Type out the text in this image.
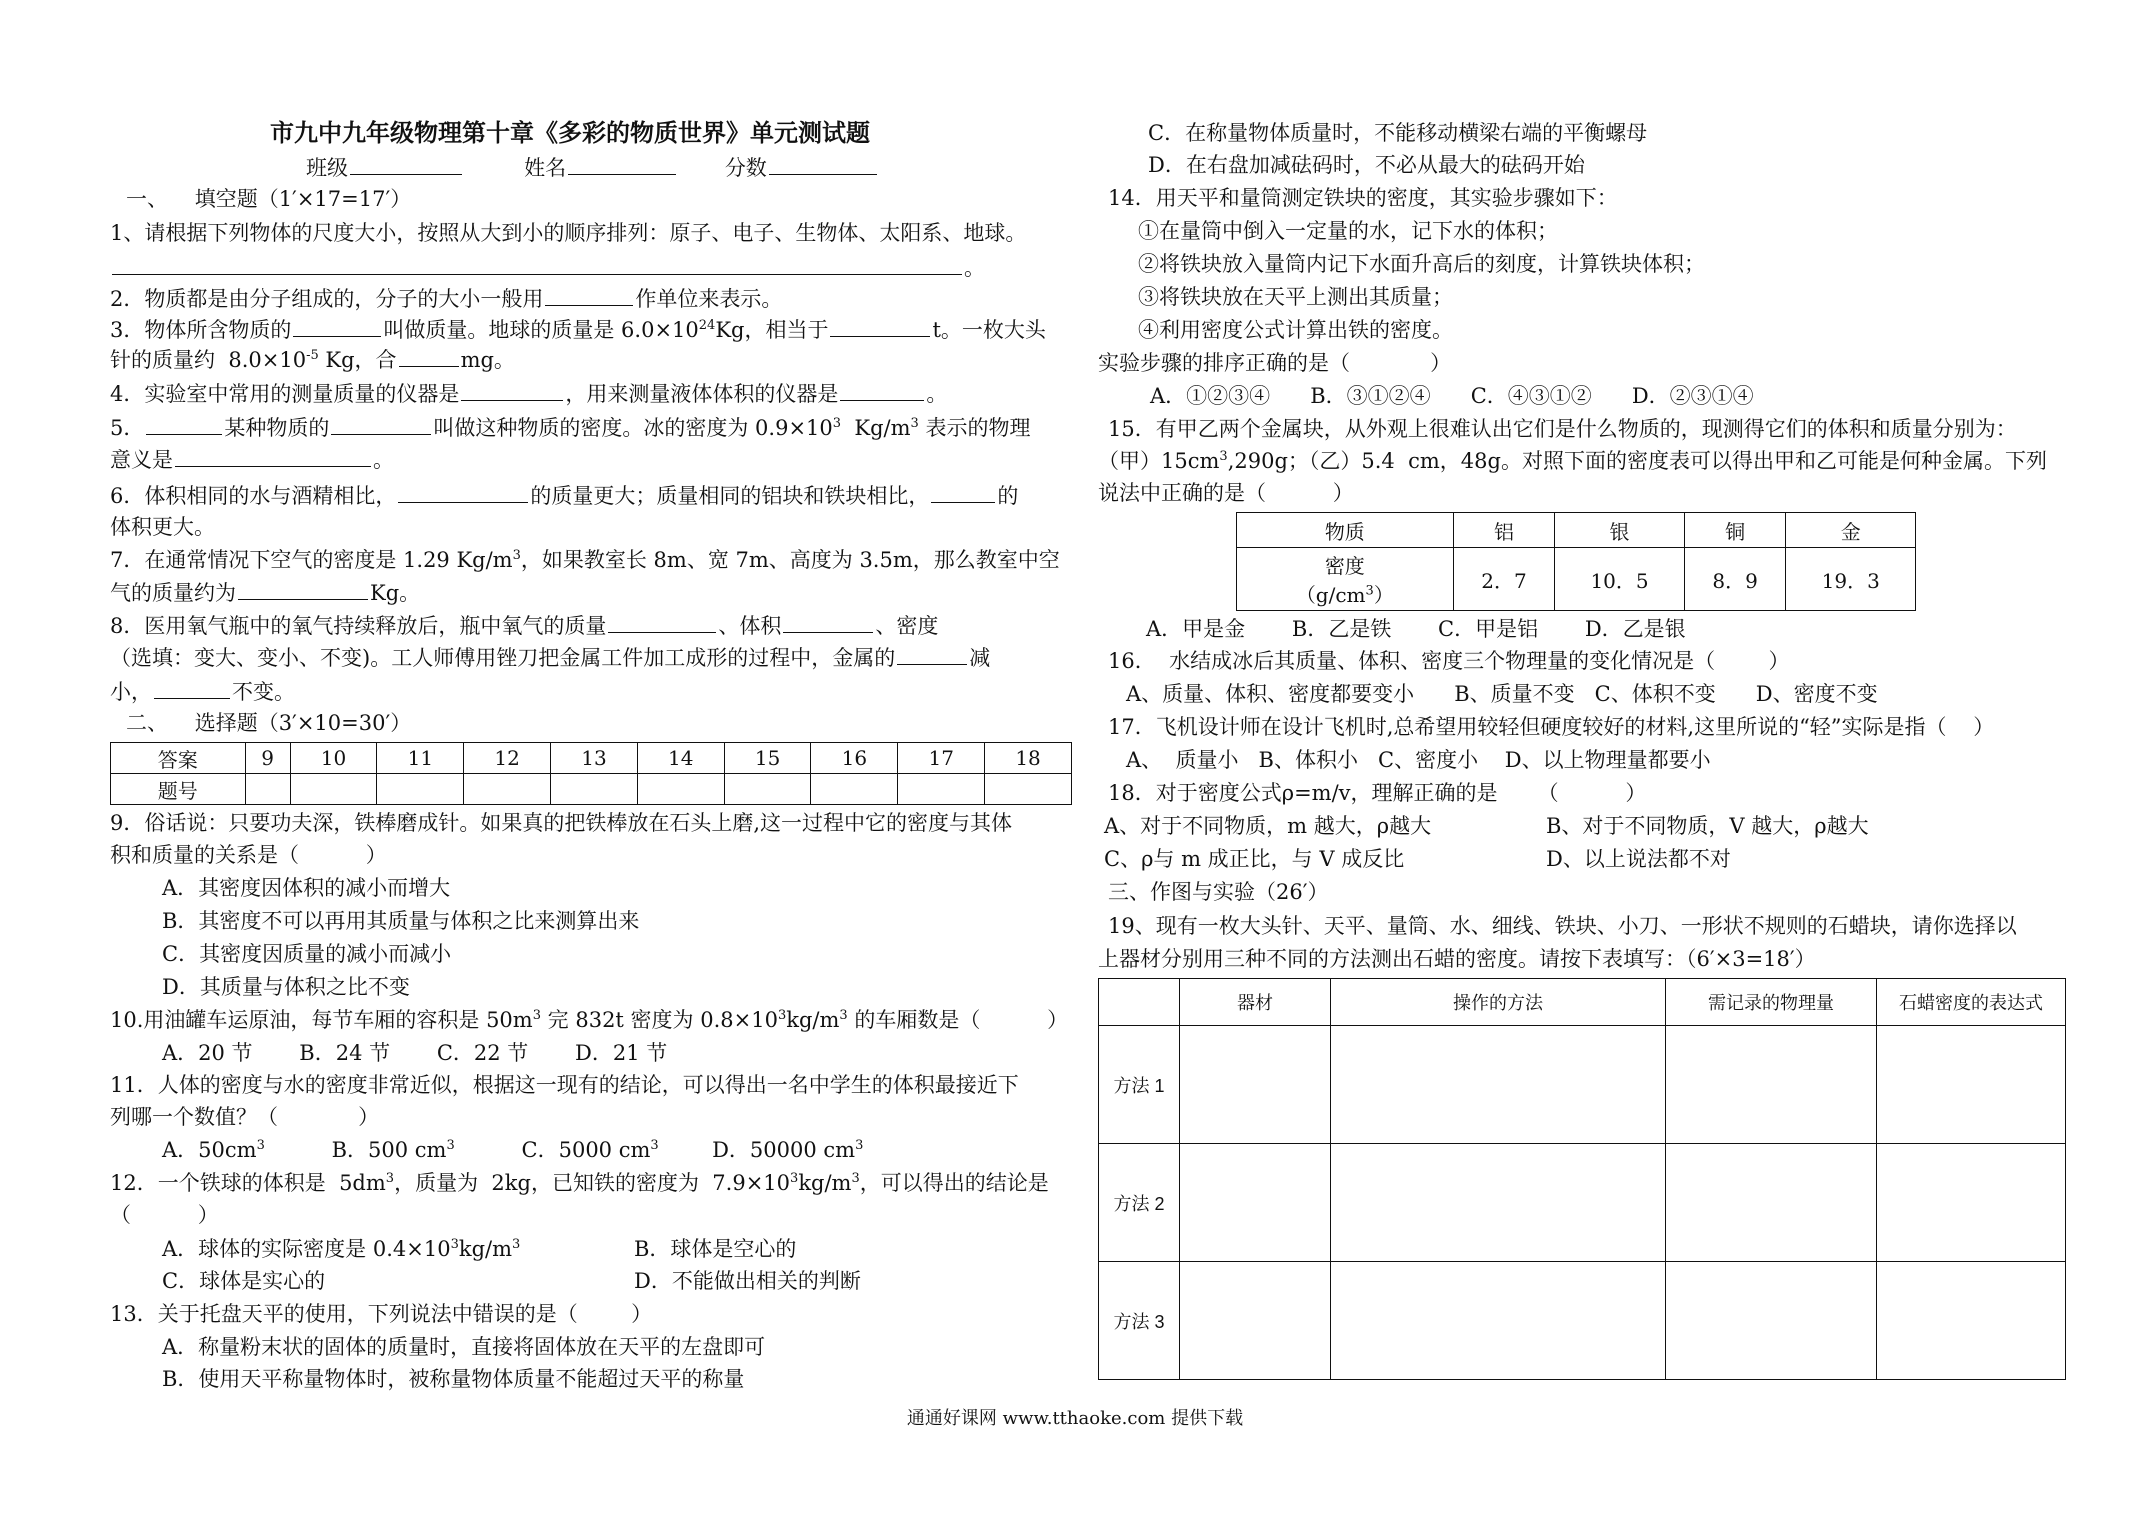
市九中九年级物理第十章《多彩的物质世界》单元测试题
班级	姓名	分数
一、    填空题（1′×17=17′）
1、请根据下列物体的尺度大小，按照从大到小的顺序排列：原子、电子、生物体、太阳系、地球。
。
2．物质都是由分子组成的，分子的大小一般用	作单位来表示。
3．物体所含物质的	叫做质量。地球的质量是 $6.0\times 10^{24}Kg$，相当于	t。一枚大头
针的质量约  $8.0\times 10^{-5}$ Kg，合	mg。
4．实验室中常用的测量质量的仪器是	，用来测量液体体积的仪器是	。
5．	某种物质的	叫做这种物质的密度。冰的密度为 $0.9\times 10^3$  $Kg/m^3$ 表示的物理
意义是	。
6．体积相同的水与酒精相比，	的质量更大；质量相同的铝块和铁块相比，	的
体积更大。
7．在通常情况下空气的密度是 1.29 $Kg/m^3$，如果教室长 8m、宽 7m、高度为 3.5m，那么教室中空
气的质量约为	Kg。
8．医用氧气瓶中的氧气持续释放后，瓶中氧气的质量	、体积	、密度
（选填：变大、变小、不变)。工人师傅用锉刀把金属工件加工成形的过程中，金属的	减
小，	不变。
二、    选择题（3′×10=30′）
答案	9	10	11	12	13	14	15	16	17	18
题号										
9．俗话说：只要功夫深，铁棒磨成针。如果真的把铁棒放在石头上磨,这一过程中它的密度与其体
积和质量的关系是（          ）
A．其密度因体积的减小而增大
B．其密度不可以再用其质量与体积之比来测算出来
C．其密度因质量的减小而减小
D．其质量与体积之比不变
10.用油罐车运原油，每节车厢的容积是 $50m^3$ 完 832t 密度为 $0.8\times 10^3kg/m^3$ 的车厢数是（          ）
A．20 节       B．24 节       C．22 节       D．21 节
11．人体的密度与水的密度非常近似，根据这一现有的结论，可以得出一名中学生的体积最接近下
列哪一个数值？（            ）
A．$50cm^3$	B．500 $cm^3$	C．5000 $cm^3$	D．50000 $cm^3$
12．一个铁球的体积是  $5dm^3$，质量为  2kg，已知铁的密度为  $7.9\times 10^3kg/m^3$，可以得出的结论是
（          ）
A．球体的实际密度是 $0.4\times 10^3kg/m^3$	B．球体是空心的
C．球体是实心的	D．不能做出相关的判断
13．关于托盘天平的使用，下列说法中错误的是（        ）
A．称量粉末状的固体的质量时，直接将固体放在天平的左盘即可
B．使用天平称量物体时，被称量物体质量不能超过天平的称量
C．在称量物体质量时，不能移动横梁右端的平衡螺母
D．在右盘加减砝码时，不必从最大的砝码开始
14．用天平和量筒测定铁块的密度，其实验步骤如下：
①在量筒中倒入一定量的水，记下水的体积；
②将铁块放入量筒内记下水面升高后的刻度，计算铁块体积；
③将铁块放在天平上测出其质量；
④利用密度公式计算出铁的密度。
实验步骤的排序正确的是（            ）
A．①②③④      B．③①②④      C．④③①②      D．②③①④
15．有甲乙两个金属块，从外观上很难认出它们是什么物质的，现测得它们的体积和质量分别为：
（甲）$15cm^3,290g$；（乙）5.4  cm，48g。对照下面的密度表可以得出甲和乙可能是何种金属。下列
说法中正确的是（          ）
物质	铝	银	铜	金
密度
$(g/cm^3)$	2．7	10．5	8．9	19．3
A．甲是金       B．乙是铁       C．甲是铝       D．乙是银
16．  水结成冰后其质量、体积、密度三个物理量的变化情况是（        ）
A、质量、体积、密度都要变小      B、质量不变   C、体积不变      D、密度不变
17．飞机设计师在设计飞机时,总希望用较轻但硬度较好的材料,这里所说的“轻”实际是指（    ）
A、  质量小   B、体积小   C、密度小    D、以上物理量都要小
18．对于密度公式ρ=m/v，理解正确的是      （          ）
A、对于不同物质，m 越大，ρ越大	B、对于不同物质，V 越大，ρ越大
C、ρ与 m 成正比，与 V 成反比	D、以上说法都不对
三、作图与实验（26′）
19、现有一枚大头针、天平、量筒、水、细线、铁块、小刀、一形状不规则的石蜡块，请你选择以
上器材分别用三种不同的方法测出石蜡的密度。请按下表填写：（6′×3=18′）
	器材	操作的方法	需记录的物理量	石蜡密度的表达式
方法 1				
方法 2				
方法 3				
通通好课网 www.tthaoke.com 提供下载
